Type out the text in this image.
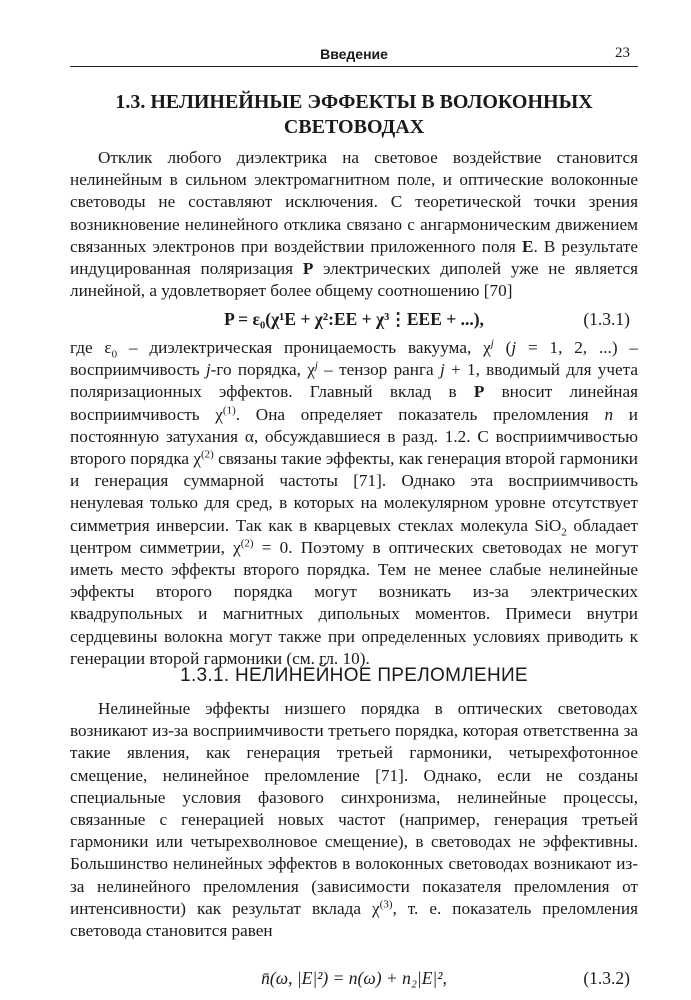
Введение	23
1.3. НЕЛИНЕЙНЫЕ ЭФФЕКТЫ В ВОЛОКОННЫХ
СВЕТОВОДАХ

Отклик любого диэлектрика на световое воздействие становится нелинейным в сильном электромагнитном поле, и оптические волоконные световоды не составляют исключения. С теоретической точки зрения возникновение нелинейного отклика связано с ангармоническим движением связанных электронов при воздействии приложенного поля E. В результате индуцированная поляризация P электрических диполей уже не является линейной, а удовлетворяет более общему соотношению [70]

P = ε₀(χ¹E + χ²:EE + χ³⋮EEE + ...),	(1.3.1)

где $\varepsilon_0$ – диэлектрическая проницаемость вакуума, $\chi^j$ (j = 1, 2, ...) – восприимчивость j-го порядка, $\chi^j$ – тензор ранга j + 1, вводимый для учета поляризационных эффектов. Главный вклад в P вносит линейная восприимчивость $\chi^{(1)}$. Она определяет показатель преломления n и постоянную затухания α, обсуждавшиеся в разд. 1.2. С восприимчивостью второго порядка $\chi^{(2)}$ связаны такие эффекты, как генерация второй гармоники и генерация суммарной частоты [71]. Однако эта восприимчивость ненулевая только для сред, в которых на молекулярном уровне отсутствует симметрия инверсии. Так как в кварцевых стеклах молекула SiO$_2$ обладает центром симметрии, $\chi^{(2)} = 0$. Поэтому в оптических световодах не могут иметь место эффекты второго порядка. Тем не менее слабые нелинейные эффекты второго порядка могут возникать из-за электрических квадрупольных и магнитных дипольных моментов. Примеси внутри сердцевины волокна могут также при определенных условиях приводить к генерации второй гармоники (см. гл. 10).

1.3.1. НЕЛИНЕЙНОЕ ПРЕЛОМЛЕНИЕ

Нелинейные эффекты низшего порядка в оптических световодах возникают из-за восприимчивости третьего порядка, которая ответственна за такие явления, как генерация третьей гармоники, четырехфотонное смещение, нелинейное преломление [71]. Однако, если не созданы специальные условия фазового синхронизма, нелинейные процессы, связанные с генерацией новых частот (например, генерация третьей гармоники или четырехволновое смещение), в световодах не эффективны. Большинство нелинейных эффектов в волоконных световодах возникают из-за нелинейного преломления (зависимости показателя преломления от интенсивности) как результат вклада $\chi^{(3)}$, т. е. показатель преломления световода становится равен

n̄(ω, |E|²) = n(ω) + n₂|E|²,	(1.3.2)
